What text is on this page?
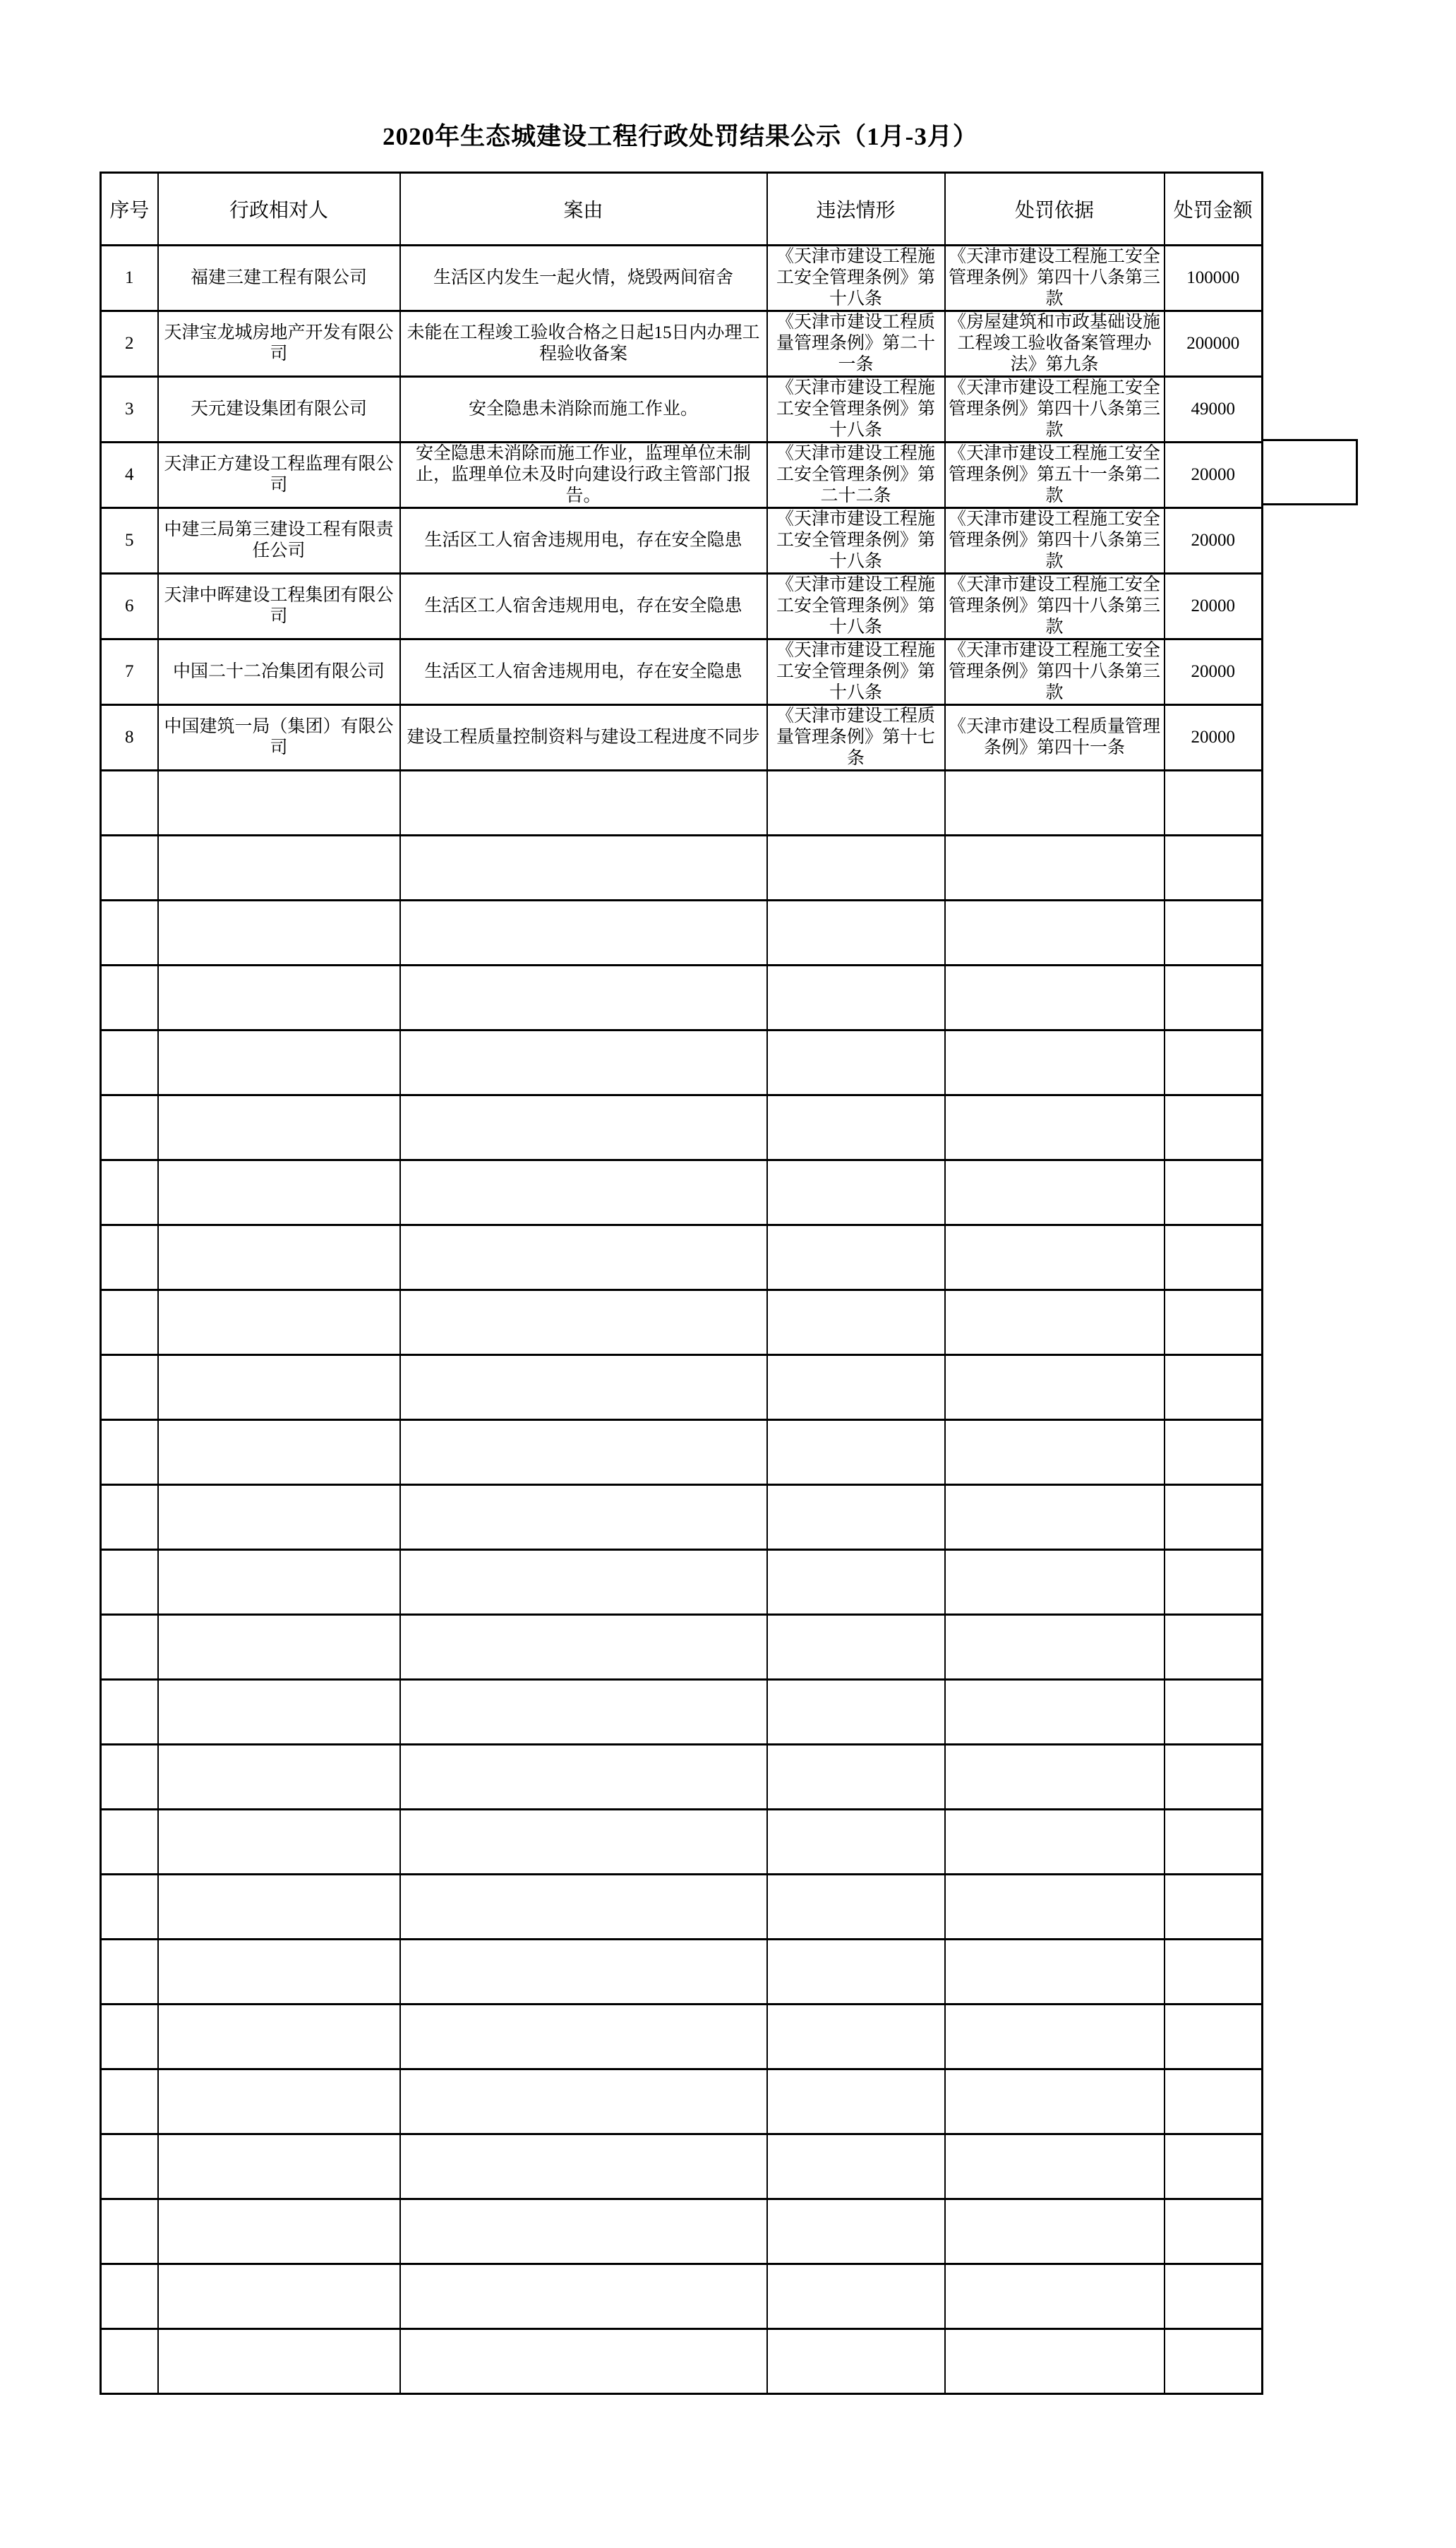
2020年生态城建设工程行政处罚结果公示（1月-3月）
序号	行政相对人	案由	违法情形	处罚依据	处罚金额
1	福建三建工程有限公司	生活区内发生一起火情，烧毁两间宿舍	《天津市建设工程施工安全管理条例》第十八条	《天津市建设工程施工安全管理条例》第四十八条第三款	100000
2	天津宝龙城房地产开发有限公司	未能在工程竣工验收合格之日起15日内办理工程验收备案	《天津市建设工程质量管理条例》第二十一条	《房屋建筑和市政基础设施工程竣工验收备案管理办法》第九条	200000
3	天元建设集团有限公司	安全隐患未消除而施工作业。	《天津市建设工程施工安全管理条例》第十八条	《天津市建设工程施工安全管理条例》第四十八条第三款	49000
4	天津正方建设工程监理有限公司	安全隐患未消除而施工作业，监理单位未制止，监理单位未及时向建设行政主管部门报告。	《天津市建设工程施工安全管理条例》第二十二条	《天津市建设工程施工安全管理条例》第五十一条第二款	20000
5	中建三局第三建设工程有限责任公司	生活区工人宿舍违规用电，存在安全隐患	《天津市建设工程施工安全管理条例》第十八条	《天津市建设工程施工安全管理条例》第四十八条第三款	20000
6	天津中晖建设工程集团有限公司	生活区工人宿舍违规用电，存在安全隐患	《天津市建设工程施工安全管理条例》第十八条	《天津市建设工程施工安全管理条例》第四十八条第三款	20000
7	中国二十二冶集团有限公司	生活区工人宿舍违规用电，存在安全隐患	《天津市建设工程施工安全管理条例》第十八条	《天津市建设工程施工安全管理条例》第四十八条第三款	20000
8	中国建筑一局（集团）有限公司	建设工程质量控制资料与建设工程进度不同步	《天津市建设工程质量管理条例》第十七条	《天津市建设工程质量管理条例》第四十一条	20000
